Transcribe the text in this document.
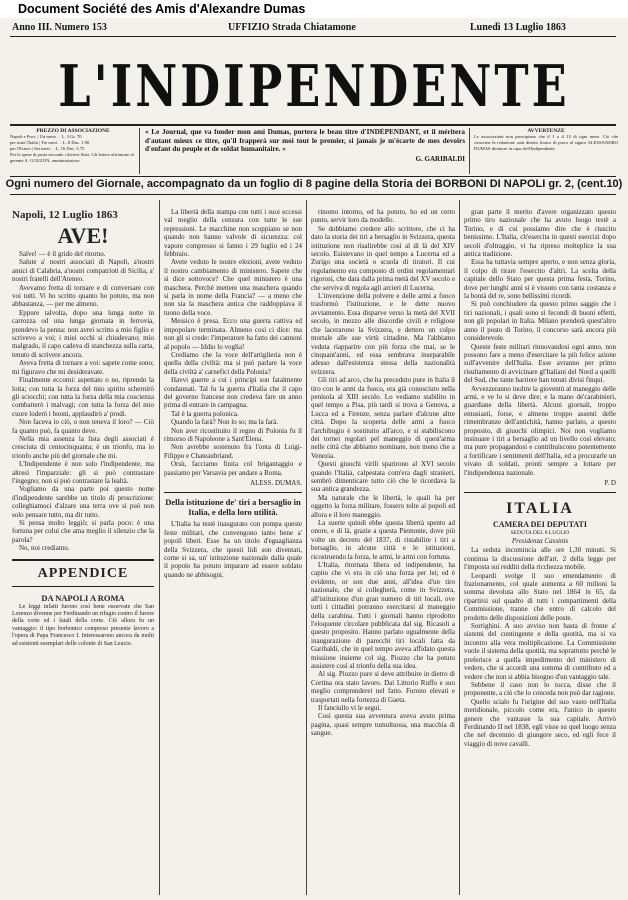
Document Société des Amis d'Alexandre Dumas
Anno III. Numero 153	UFFIZIO Strada Chiatamone	Lunedì 13 Luglio 1863
L'INDIPENDENTE
PREZZO DI ASSOCIAZIONE
Napoli e Prov. | Un mese . . L. 3 Gr. 70
per tutta l'Italia | Tre mesi . . L. 8 Duc. 1.90
per l'Estero | Sei mesi . . L. 16 Duc. 3.75
Per le spese di posta secondo i diversi Stati. Gli lettere affrancate al gerente A. GOUZON, amministratore.
« Le Journal, que va fonder mon ami Dumas, portera le beau titre d'INDÉPENDANT, et il méritera d'autant mieux ce titre, qu'il frapperà sur moi tout le premier, si jamais je m'écarte de mes devoirs d'enfant du peuple et de soldat humanitaire. »
G. GARIBALDI
AVVERTENZE
Le associazioni non principiano che il 1 o il 15 di ogni mese. Ciò che concerne la redazione sarà diretto franco di porto al signor ALESSANDRO DUMAS direttore in capo dell'Indipendente.
Ogni numero del Giornale, accompagnato da un foglio di 8 pagine della Storia dei BORBONI DI NAPOLI gr. 2, (cent.10)
Napoli, 12 Luglio 1863
AVE!

Salve! — è il grido del ritorno.

Salute a' nostri associati di Napoli, a'nostri amici di Calabria, a'nostri compatrioti di Sicilia, a' nostri fratelli dell'Ateneo.

Avevamo fretta di tornare e di conversare con voi tutti. Vi ho scritto quanto ho potuto, ma non abbastanza, — per me almeno.

Eppure talvolta, dopo una lunga notte in carrozza od una lunga giornata in ferrovia, prendevo la penna: non avrei scritto a mio figlio e scrivevo a voi; i miei occhi si chiudevano; mio malgrado, il capo cadeva di stanchezza sulla carta, tenuto di scrivere ancora.

Aveva fretta di tornare a voi: sapete come sono; mi figuravo che mi desideravate.

Finalmente eccomi: aspettato o no, riprendo la lotta; con tutta la forza del mio spirito schernirò gli sciocchi; con tutta la forza della mia coscienza combatterò i malvagi; con tutta la forza del mio cuore loderò i buoni, applaudirò a' prodi.

Non faceva io ciò, o non teneva il loro? — Ciò fa quanto può, fa quanto deve.

Nella mia assenza la lista degli associati è cresciuta di centocinquanta; è un trionfo, ma io trionfo anche più del giornale che mi.

L'Indipendente è non solo l'indipendente, ma altresì l'imparziale: gli si può contrastare l'ingegno; non si può contrastare la lealtà.

Vogliamo da una parte poi questo nome d'indipendente sarebbe un titolo di proscrizione: colleghiamoci d'alzare una terra ove si può non solo pensare tutto, ma dir tutto.

Si pensa molto leggiò; si parla poco: è una fortuna per colui che ama meglio il silenzio che la parola?

No, noi crediamo.

APPENDICE
DA NAPOLI A ROMA

Le leggi infatti furono così bene osservate che San Lorenzo divenne per Ferdinando un rifugio contro il furore della corte ed i fatali della corte. Ciò allora fu un vantaggio: il tipo borbonico compreso presente lavoro a l'opera di Papa Francesco I. Interessarono ancora da molti ad esistenti esemplari delle colonie di San Leucio.

La libertà della stampa con tutti i suoi eccessi val meglio della censura con tutte le sue repressioni. Le macchine non scoppiano se non quando non hanno valvole di sicurezza: col vapore compresso si fanno i 29 luglio ed i 24 febbraio.

Avete veduto le nostre elezioni, avete veduto il nostro cambiamento di ministero. Sapete che si dice sottovoce? Che quel ministero è una maschera. Perchè mettere una maschera quando si parla in nome della Francia? — a meno che non sia la maschera antica che raddoppiava il tuono della voce.

Messico è presa. Ecco una guerra cattiva ed impopolare terminata. Almeno così ci dice: ma non gli si crede: l'imperatore ha fatto dei cannoni al popolo — Iddio lo voglia!

Crediamo che la voce dell'artiglieria non è quella della civiltà: ma si può parlare la voce della civiltà a' carnefici della Polonia?

Havvi guerre a cui i principi son fatalmente condannati. Tal fu la guerra d'Italia che il capo del governo francese non credeva fare un anno prima di entrare in campagna.

Tal è la guerra polonica.

Quando la farà? Non lo so; ma la farà.

Non aver ricostituito il regno di Polonia fu il rimorso di Napoleone a Sant'Elena.

Non avrebbe sostenuto fra l'onta di Luigi-Filippo e Chateaubriand.

Orsù, facciamo finita col brigantaggio e passiamo per Varsavia per andare a Roma.

ALESS. DUMAS.
Della istituzione de' tiri a bersaglio in Italia, e della loro utilità.

L'Italia ha testè inaugurato con pompa queste feste militari, che convengono tanto bene a' popoli liberi. Esse ha un titolo d'eguaglianza della Svizzera, che questi lidi son diventati, come si sa, un' istituzione nazionale dalla quale il popolo ha potuto imparare ad essere soldato quando ne abbisogni.

rinomo intorno, ed ha potuto, ho ed un certo punto, servir loro da modello.

Se dobbiamo credere allo scrittore, che ci ha dato la storia dei tiri a bersaglio in Svizzera, questa istituzione non risalirebbe così al di là del XIV secolo. Esistevano in quel tempo a Lucerna ed a Zurigo una società o scuola di tiratori. Il cui regolamento era composto di ordini regolamentari rigorosi, che data dalla prima metà del XV secolo e che serviva di regola agli arcieri di Lucerna.

L'invenzione della polvere e delle armi a fuoco trasformò l'istituzione, e le dette nuovo avviamento. Essa disparve verso la metà del XVII secolo, in mezzo alle discordie civili e religiose che lacerarono la Svizzera, e dettero un colpo mortale alle sue virtù cittadine. Ma l'abbiamo veduta riapparire con più forza che mai, se le cinquant'anni, ed essa sembrava inseparabile adesso dall'esistenza stessa della nazionalità svizzera.

Gli tiri ad arco, che ha preceduto pure in Italia il tiro con le armi da fuoco, era già conosciuto nella penisola al XIII secolo. Lo vediamo stabilito in quel tempo a Pisa, più tardi si trova a Genova, a Lucca ed a Firenze, senza parlare d'alcune altre città. Dopo la scoperta delle armi a fuoco l'archibugio è sostituito all'arco, e si stabiliscono dei tornei regolari pel maneggio di quest'arma nelle città che abbiamo nominate, non meno che a Venezia.

Questi giuochi virili sparirono al XVI secolo quando l'Italia, calpestata com'era dagli stranieri, sembrò dimenticare tutto ciò che le ricordava la sua antica grandezza.

Ma naturale che le libertà, le quali ha per oggetto la forza militare, fossero tolte ai popoli ed allora e il loro maneggio.

La suerte quindi ebbe questa libertà spento ad onore, e di là, grazie a questa Piemonte, dove più volte un decreto del 1837, di ristabilire i tiri a bersaglio, in alcune città e le istituzioni, ricostruendo la forza, le armi, le armi con fortuna.

L'Italia, ritornata libera ed indipendente, ha capito che vi era in ciò una forza per lei; ed è evidente, or son due anni, all'idea d'un tiro nazionale, che si collegherà, come in Svizzera, all'istituzione d'un gran numero di tiri locali, ove tutti i cittadini potranno esercitarsi al maneggio della carabina. Tutti i giornali hanno riprodotto l'eloquente circolare pubblicata dal sig. Ricasoli a questo proposito. Hanno parlato ugualmente della inaugurazione di parecchi tiri locali fatta da Garibaldi, che in quel tempo aveva affidato questa missione insieme col sig. Piozzo che ha potuto assistere così al trionfo della sua idea.

Al sig. Piozzo pure si deve attribuire in dietro di Cortina ora stato lavoro. Dai Littorio Ruffo e suo meglio comprenderei nel fatto. Furono elevati e trasportati nella fortezza di Gaeta.

Il fanciullo vi le seguì.

Così questa sua avventura aveva avuto prima pagina, quasi sempre tumultuosa, una macchia di sangue.

gran parte il merito d'avere organizzato questo primo tiro nazionale che ha avuto luogo testè a Torino, e di cui possiamo dire che è riuscito benissimo. L'Italia, ch'esercita in questi esercizi dopo secoli d'oltraggio, vi ha ripreso molteplice la sua antica tradizione.

Essa ha tuttavia sempre aperto, e non senza gloria, il colpo di tirare l'esercito d'altri. La scelta della capitale dello Stato per questa prima festa, Torino, dove per lunghi anni si è vissuto con tanta costanza e la bontà del re, sono bellissimi ricordi.

Si può conchiudere da questo primo saggio che i tiri nazionali, i quali sono sì fecondi di buoni effetti, non gli popolari in Italia. Milano prenderà quest'altro anno il posto di Torino, il concorso sarà ancora più considerevole.

Queste feste militari rinnovandosi ogni anno, non possono fare a meno d'esercitare la più felice azione sull'avvenire dell'Italia. Esse avranno per primo risultamento di avvicinare gl'Italiani del Nord a quelli del Sud, che tante barriere han tenuti divisi finqui.

Avvezzeranno inoltre la gioventù al maneggio delle armi, e ve lo si deve dire; e la mano de'carabinieri, guardiane della libertà. Alcuni giornali, troppo entusiasti, forse, e almeno troppo assenti delle rimembranze dell'antichità, hanno parlato, a questo proposito, di giuochi olimpici. Noi non vogliamo insinuare i tiri a bersaglio ad un livello così elevato; ma pure propagandosi e contribuiscono potentemente a fortificare i sentimenti dell'Italia, ed a procurarle un vivaio di soldati, pronti sempre a lottare per l'indipendenza nazionale.

P. D
ITALIA
CAMERA DEI DEPUTATI
SEDUTA DEL 8 LUGLIO
Presidenza Cassinis

La seduta incomincia alle ore 1,30 minuti. Si continua la discussione dell'art. 2 della legge per l'imposta sui redditi della ricchezza mobile.

Leopardi svolge il suo emendamento di frazionamento, col quale aumenta a 60 milioni la somma devoluta allo Stato nel 1864 in 65, da ripartirsi sul quadro di tutti i compartimenti della Commissione, tranne che entro di calcolo del prodotto delle disposizioni delle poste.

Sorrighini. A suo avviso non basta di fronte a' sistemi del contingente e della quotità, ma si va incontro alla vera moltiplicazione. La Commissione vuole il sistema della quotità, ma soprattutto perchè le preferisce a quella impedimento del ministero di vedere, che si accordi una somma di contributo ed a vedere che non si abbia bisogno d'un vantaggio tale.

Sebbene il caso non lo tocca, disse che il proponente, a ciò che lo conceda non può dar ragione.

Quello scialo fu l'origine del suo vasto nell'Italia meridionale, piccolo come era, l'unico in questo genere che vantasse la sua capitale. Arrivò Ferdinando II nel 1838, egli visse su quel luogo senza che nel decennio di giungere seco, ed egli fece il viaggio di nove cavalli.
